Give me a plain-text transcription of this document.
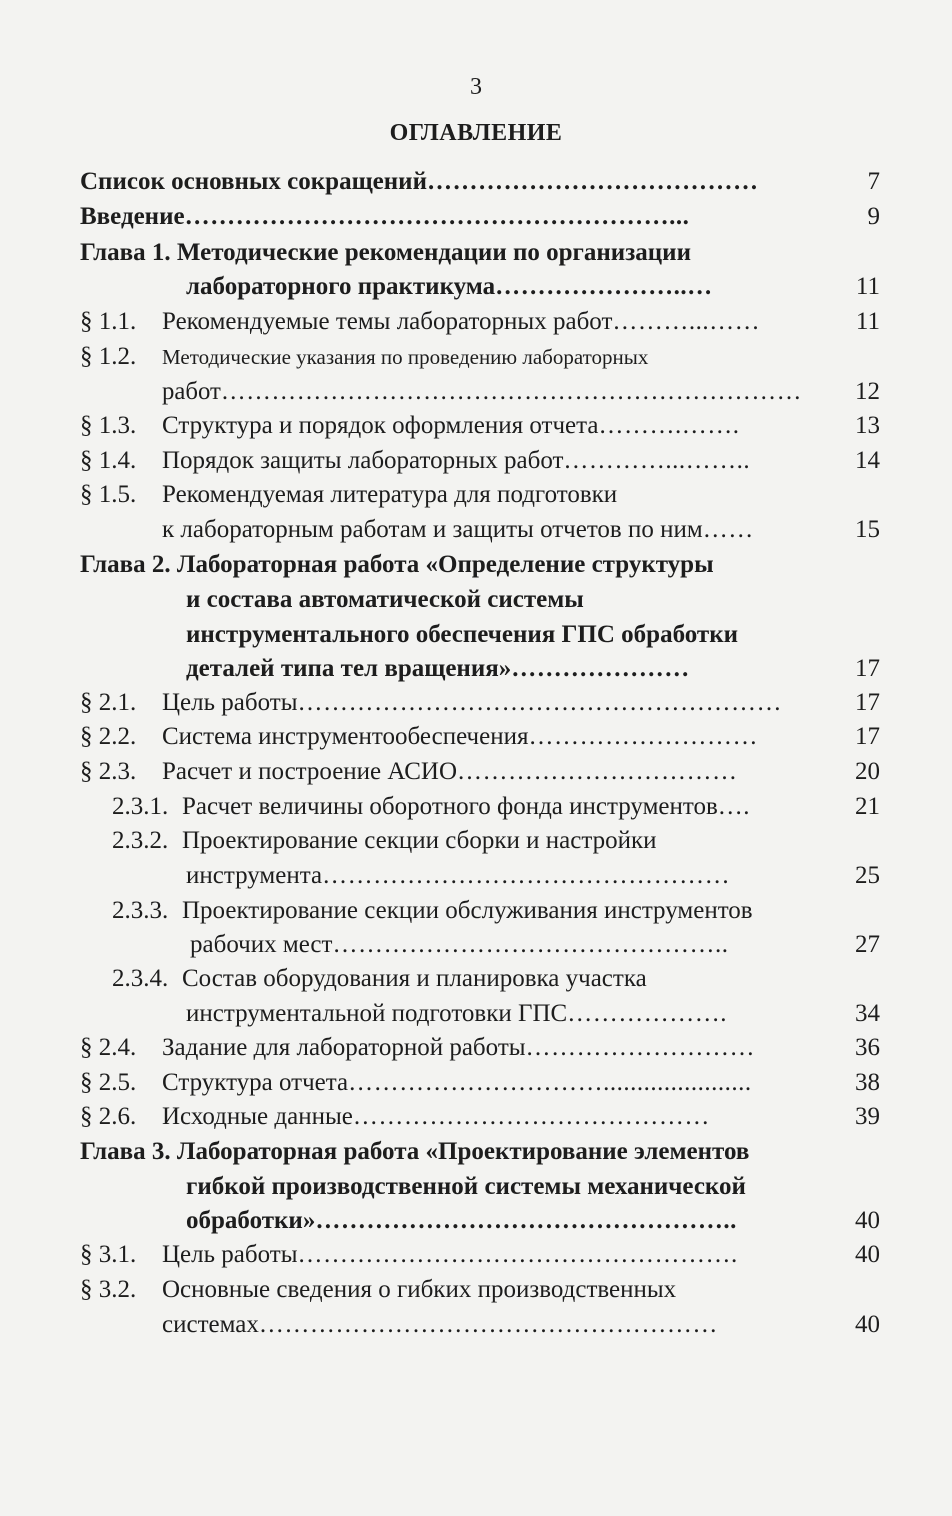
3
ОГЛАВЛЕНИЕ
Список основных сокращений…………………………………	7
Введение…………………………………………………...	9
Глава 1. Методические рекомендации по организации
лабораторного практикума…………………..…	11
§ 1.1. Рекомендуемые темы лабораторных работ………...……	11
§ 1.2. Методические указания по проведению лабораторных
работ……………………………………………………………	12
§ 1.3. Структура и порядок оформления отчета……….…….	13
§ 1.4. Порядок защиты лабораторных работ…………...……..	14
§ 1.5. Рекомендуемая литература для подготовки
к лабораторным работам и защиты отчетов по ним……	15
Глава 2. Лабораторная работа «Определение структуры
и состава автоматической системы
инструментального обеспечения ГПС обработки
деталей типа тел вращения»…………………	17
§ 2.1. Цель работы…………………………………………………	17
§ 2.2. Система инструментообеспечения………………………	17
§ 2.3. Расчет и построение АСИО……………………………	20
2.3.1. Расчет величины оборотного фонда инструментов….	21
2.3.2. Проектирование секции сборки и настройки
инструмента…………………………………………	25
2.3.3. Проектирование секции обслуживания инструментов
рабочих мест………………………………………..	27
2.3.4. Состав оборудования и планировка участка
инструментальной подготовки ГПС……………….	34
§ 2.4. Задание для лабораторной работы………………………	36
§ 2.5. Структура отчета…………………………......................	38
§ 2.6. Исходные данные……………………………………	39
Глава 3. Лабораторная работа «Проектирование элементов
гибкой производственной системы механической
обработки»…………………………………………..	40
§ 3.1. Цель работы…………………………………………….	40
§ 3.2. Основные сведения о гибких производственных
системах………………………………………………	40
